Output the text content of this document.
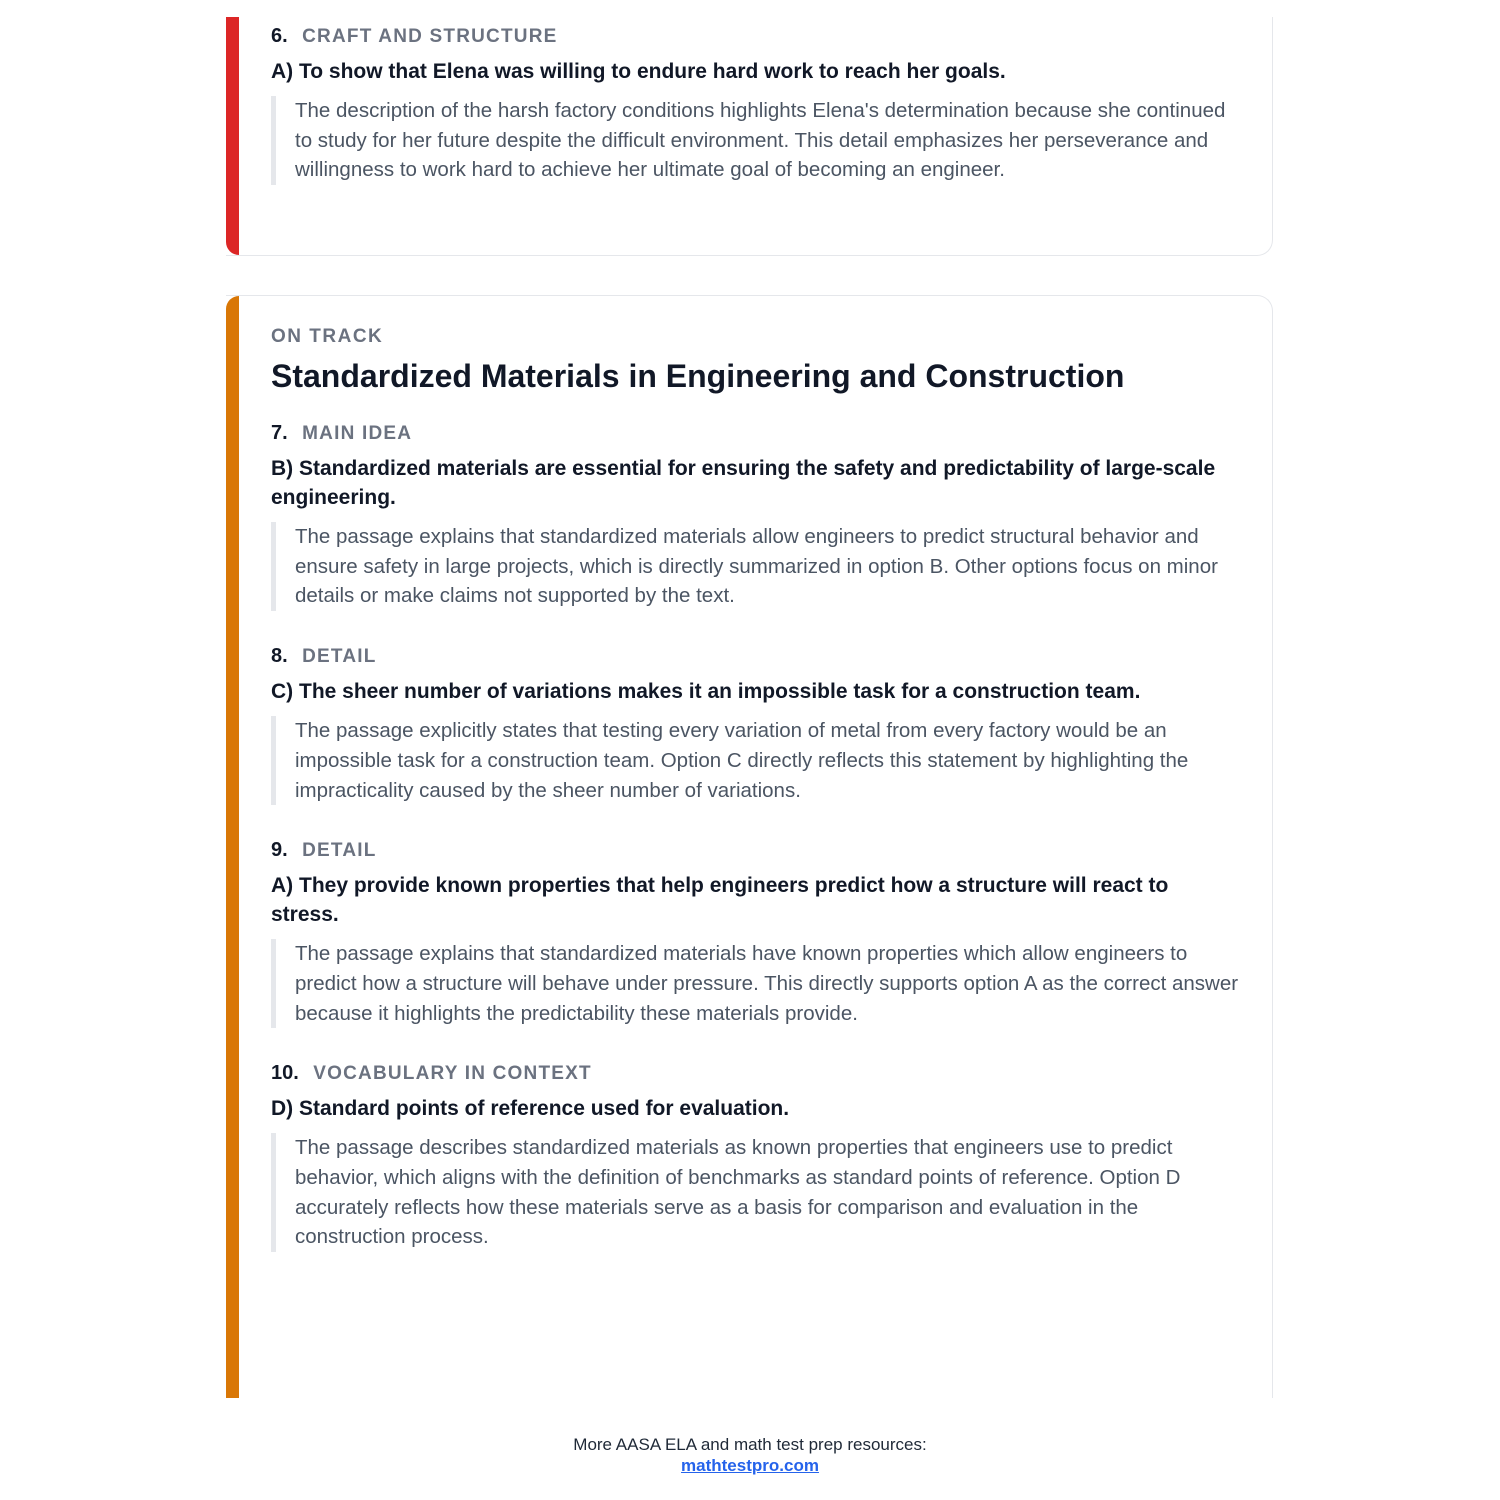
6. CRAFT AND STRUCTURE
A) To show that Elena was willing to endure hard work to reach her goals.
The description of the harsh factory conditions highlights Elena's determination because she continued to study for her future despite the difficult environment. This detail emphasizes her perseverance and willingness to work hard to achieve her ultimate goal of becoming an engineer.
ON TRACK
Standardized Materials in Engineering and Construction
7. MAIN IDEA
B) Standardized materials are essential for ensuring the safety and predictability of large-scale engineering.
The passage explains that standardized materials allow engineers to predict structural behavior and ensure safety in large projects, which is directly summarized in option B. Other options focus on minor details or make claims not supported by the text.
8. DETAIL
C) The sheer number of variations makes it an impossible task for a construction team.
The passage explicitly states that testing every variation of metal from every factory would be an impossible task for a construction team. Option C directly reflects this statement by highlighting the impracticality caused by the sheer number of variations.
9. DETAIL
A) They provide known properties that help engineers predict how a structure will react to stress.
The passage explains that standardized materials have known properties which allow engineers to predict how a structure will behave under pressure. This directly supports option A as the correct answer because it highlights the predictability these materials provide.
10. VOCABULARY IN CONTEXT
D) Standard points of reference used for evaluation.
The passage describes standardized materials as known properties that engineers use to predict behavior, which aligns with the definition of benchmarks as standard points of reference. Option D accurately reflects how these materials serve as a basis for comparison and evaluation in the construction process.
More AASA ELA and math test prep resources:
mathtestpro.com
